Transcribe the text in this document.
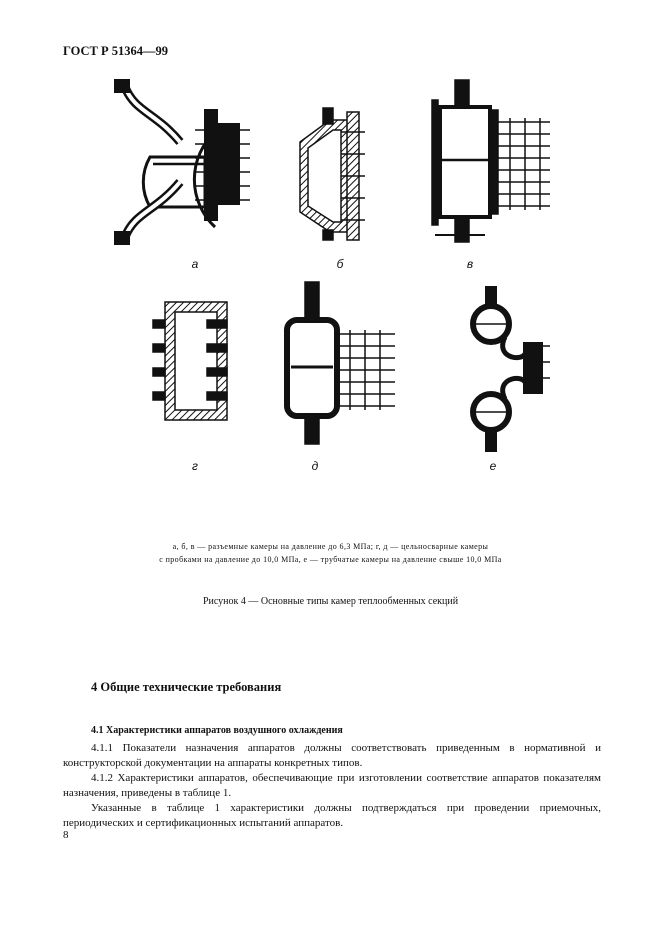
ГОСТ Р 51364—99
а	б	в
г	д	е
а, б, в — разъемные камеры на давление до 6,3 МПа; г, д — цельносварные камеры
с пробками на давление до 10,0 МПа, е — трубчатые камеры на давление свыше 10,0 МПа
Рисунок 4 — Основные типы камер теплообменных секций
4 Общие технические требования
4.1 Характеристики аппаратов воздушного охлаждения
4.1.1 Показатели назначения аппаратов должны соответствовать приведенным в нормативной и конструкторской документации на аппараты конкретных типов.
4.1.2 Характеристики аппаратов, обеспечивающие при изготовлении соответствие аппаратов показателям назначения, приведены в таблице 1.
Указанные в таблице 1 характеристики должны подтверждаться при проведении приемочных, периодических и сертификационных испытаний аппаратов.
8
